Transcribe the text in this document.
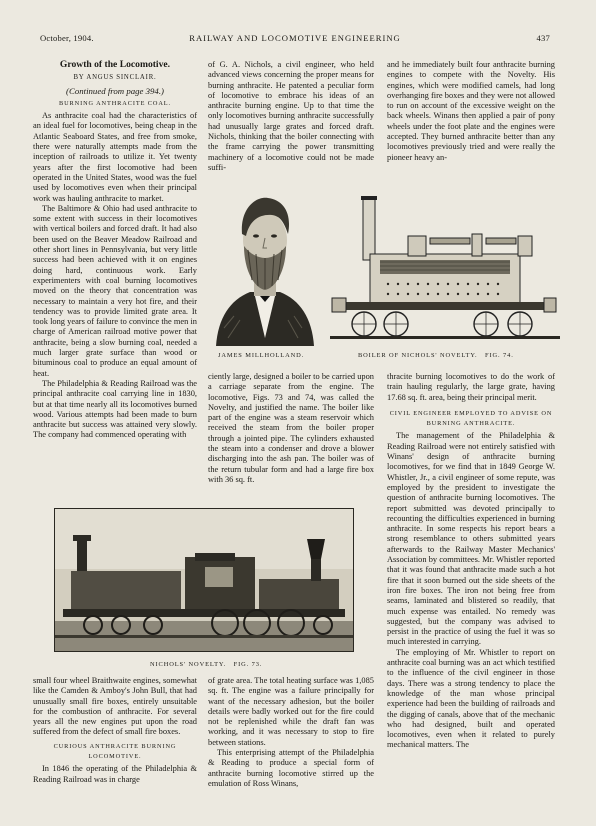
October, 1904.	RAILWAY AND LOCOMOTIVE ENGINEERING	437
Growth of the Locomotive.
BY ANGUS SINCLAIR.
(Continued from page 394.)
BURNING ANTHRACITE COAL.

As anthracite coal had the characteristics of an ideal fuel for locomotives, being cheap in the Atlantic Seaboard States, and free from smoke, there were naturally attempts made from the inception of railroads to utilize it. Yet twenty years after the first locomotive had been operated in the United States, wood was the fuel used by locomotives even when their principal work was hauling anthracite to market.

The Baltimore & Ohio had used anthracite to some extent with success in their locomotives with vertical boilers and forced draft. It had also been used on the Beaver Meadow Railroad and other short lines in Pennsylvania, but very little success had been achieved with it on engines doing hard, continuous work. Early experimenters with coal burning locomotives moved on the theory that concentration was necessary to maintain a very hot fire, and their tendency was to provide limited grate area. It took long years of failure to convince the men in charge of American railroad motive power that anthracite, being a slow burning coal, needed a much larger grate surface than wood or bituminous coal to produce an equal amount of heat.

The Philadelphia & Reading Railroad was the principal anthracite coal carrying line in 1830, but at that time nearly all its locomotives burned wood. Various attempts had been made to burn anthracite but success was attained very slowly. The company had commenced operating with

of G. A. Nichols, a civil engineer, who held advanced views concerning the proper means for burning anthracite. He patented a peculiar form of locomotive to embrace his ideas of an anthracite burning engine. Up to that time the only locomotives burning anthracite successfully had unusually large grates and forced draft. Nichols, thinking that the boiler connecting with the frame carrying the power transmitting machinery of a locomotive could not be made suffi-

and he immediately built four anthracite burning engines to compete with the Novelty. His engines, which were modified camels, had long overhanging fire boxes and they were not allowed to run on account of the excessive weight on the back wheels. Winans then applied a pair of pony wheels under the foot plate and the engines were accepted. They burned anthracite better than any locomotives previously tried and were really the pioneer heavy an-

JAMES MILLHOLLAND.	BOILER OF NICHOLS' NOVELTY. FIG. 74.

ciently large, designed a boiler to be carried upon a carriage separate from the engine. The locomotive, Figs. 73 and 74, was called the Novelty, and justified the name. The boiler like part of the engine was a steam reservoir which received the steam from the boiler proper through a jointed pipe. The cylinders exhausted the steam into a condenser and drove a blower discharging into the ash pan. The boiler was of the return tubular form and had a large fire box with 36 sq. ft.

thracite burning locomotives to do the work of train hauling regularly, the large grate, having 17.68 sq. ft. area, being their principal merit.

CIVIL ENGINEER EMPLOYED TO ADVISE ON BURNING ANTHRACITE.

The management of the Philadelphia & Reading Railroad were not entirely satisfied with Winans' design of anthracite burning locomotives, for we find that in 1849 George W. Whistler, Jr., a civil engineer of some repute, was employed by the president to investigate the question of anthracite burning locomotives. The report submitted was devoted principally to recounting the difficulties experienced in burning anthracite. In some respects his report bears a strong resemblance to others submitted years afterwards to the Railway Master Mechanics' Association by committees. Mr. Whistler reported that it was found that anthracite made such a hot fire that it soon burned out the side sheets of the iron fire boxes. The iron not being free from seams, laminated and blistered so readily, that much expense was entailed. No remedy was suggested, but the company was advised to persist in the practice of using the fuel it was so much interested in carrying.

The employing of Mr. Whistler to report on anthracite coal burning was an act which testified to the influence of the civil engineer in those days. There was a strong tendency to place the knowledge of the man whose principal experience had been the building of railroads and the digging of canals, above that of the mechanic who had designed, built and operated locomotives, even when it related to purely mechanical matters. The

NICHOLS' NOVELTY. FIG. 73.

small four wheel Braithwaite engines, somewhat like the Camden & Amboy's John Bull, that had unusually small fire boxes, entirely unsuitable for the combustion of anthracite. For several years all the new engines put upon the road suffered from the defect of small fire boxes.

CURIOUS ANTHRACITE BURNING LOCOMOTIVE.

In 1846 the operating of the Philadelphia & Reading Railroad was in charge

of grate area. The total heating surface was 1,085 sq. ft. The engine was a failure principally for want of the necessary adhesion, but the boiler details were badly worked out for the fire could not be replenished while the draft fan was working, and it was necessary to stop to fire between stations.

This enterprising attempt of the Philadelphia & Reading to produce a special form of anthracite burning locomotive stirred up the emulation of Ross Winans,
